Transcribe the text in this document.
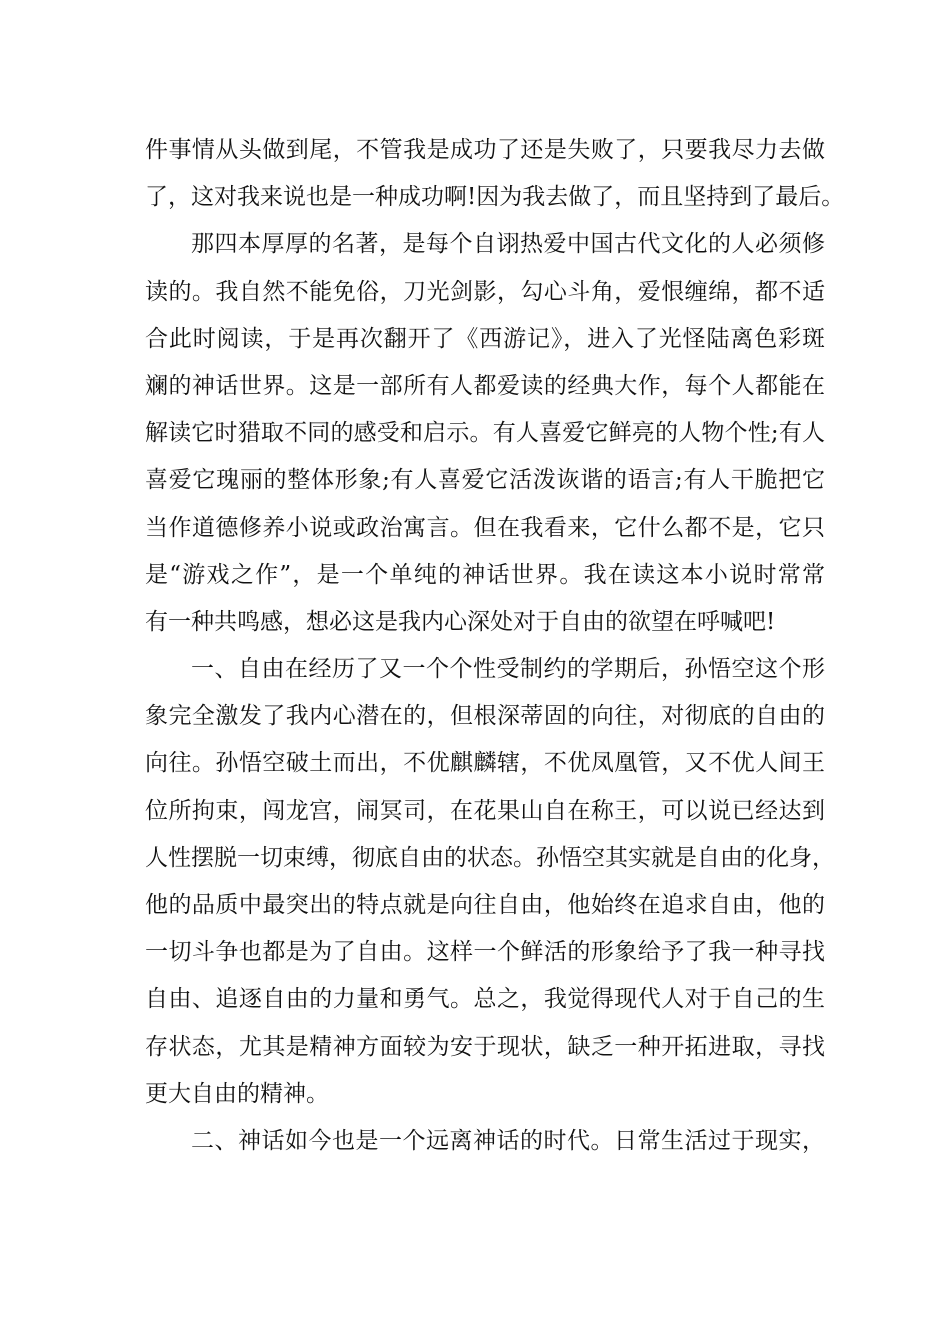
件事情从头做到尾，不管我是成功了还是失败了，只要我尽力去做
了，这对我来说也是一种成功啊!因为我去做了，而且坚持到了最后。
那四本厚厚的名著，是每个自诩热爱中国古代文化的人必须修
读的。我自然不能免俗，刀光剑影，勾心斗角，爱恨缠绵，都不适
合此时阅读，于是再次翻开了《西游记》，进入了光怪陆离色彩斑
斓的神话世界。这是一部所有人都爱读的经典大作，每个人都能在
解读它时猎取不同的感受和启示。有人喜爱它鲜亮的人物个性;有人
喜爱它瑰丽的整体形象;有人喜爱它活泼诙谐的语言;有人干脆把它
当作道德修养小说或政治寓言。但在我看来，它什么都不是，它只
是“游戏之作”，是一个单纯的神话世界。我在读这本小说时常常
有一种共鸣感，想必这是我内心深处对于自由的欲望在呼喊吧!
一、自由在经历了又一个个性受制约的学期后，孙悟空这个形
象完全激发了我内心潜在的，但根深蒂固的向往，对彻底的自由的
向往。孙悟空破土而出，不优麒麟辖，不优凤凰管，又不优人间王
位所拘束，闯龙宫，闹冥司，在花果山自在称王，可以说已经达到
人性摆脱一切束缚，彻底自由的状态。孙悟空其实就是自由的化身，
他的品质中最突出的特点就是向往自由，他始终在追求自由，他的
一切斗争也都是为了自由。这样一个鲜活的形象给予了我一种寻找
自由、追逐自由的力量和勇气。总之，我觉得现代人对于自己的生
存状态，尤其是精神方面较为安于现状，缺乏一种开拓进取，寻找
更大自由的精神。
二、神话如今也是一个远离神话的时代。日常生活过于现实，
